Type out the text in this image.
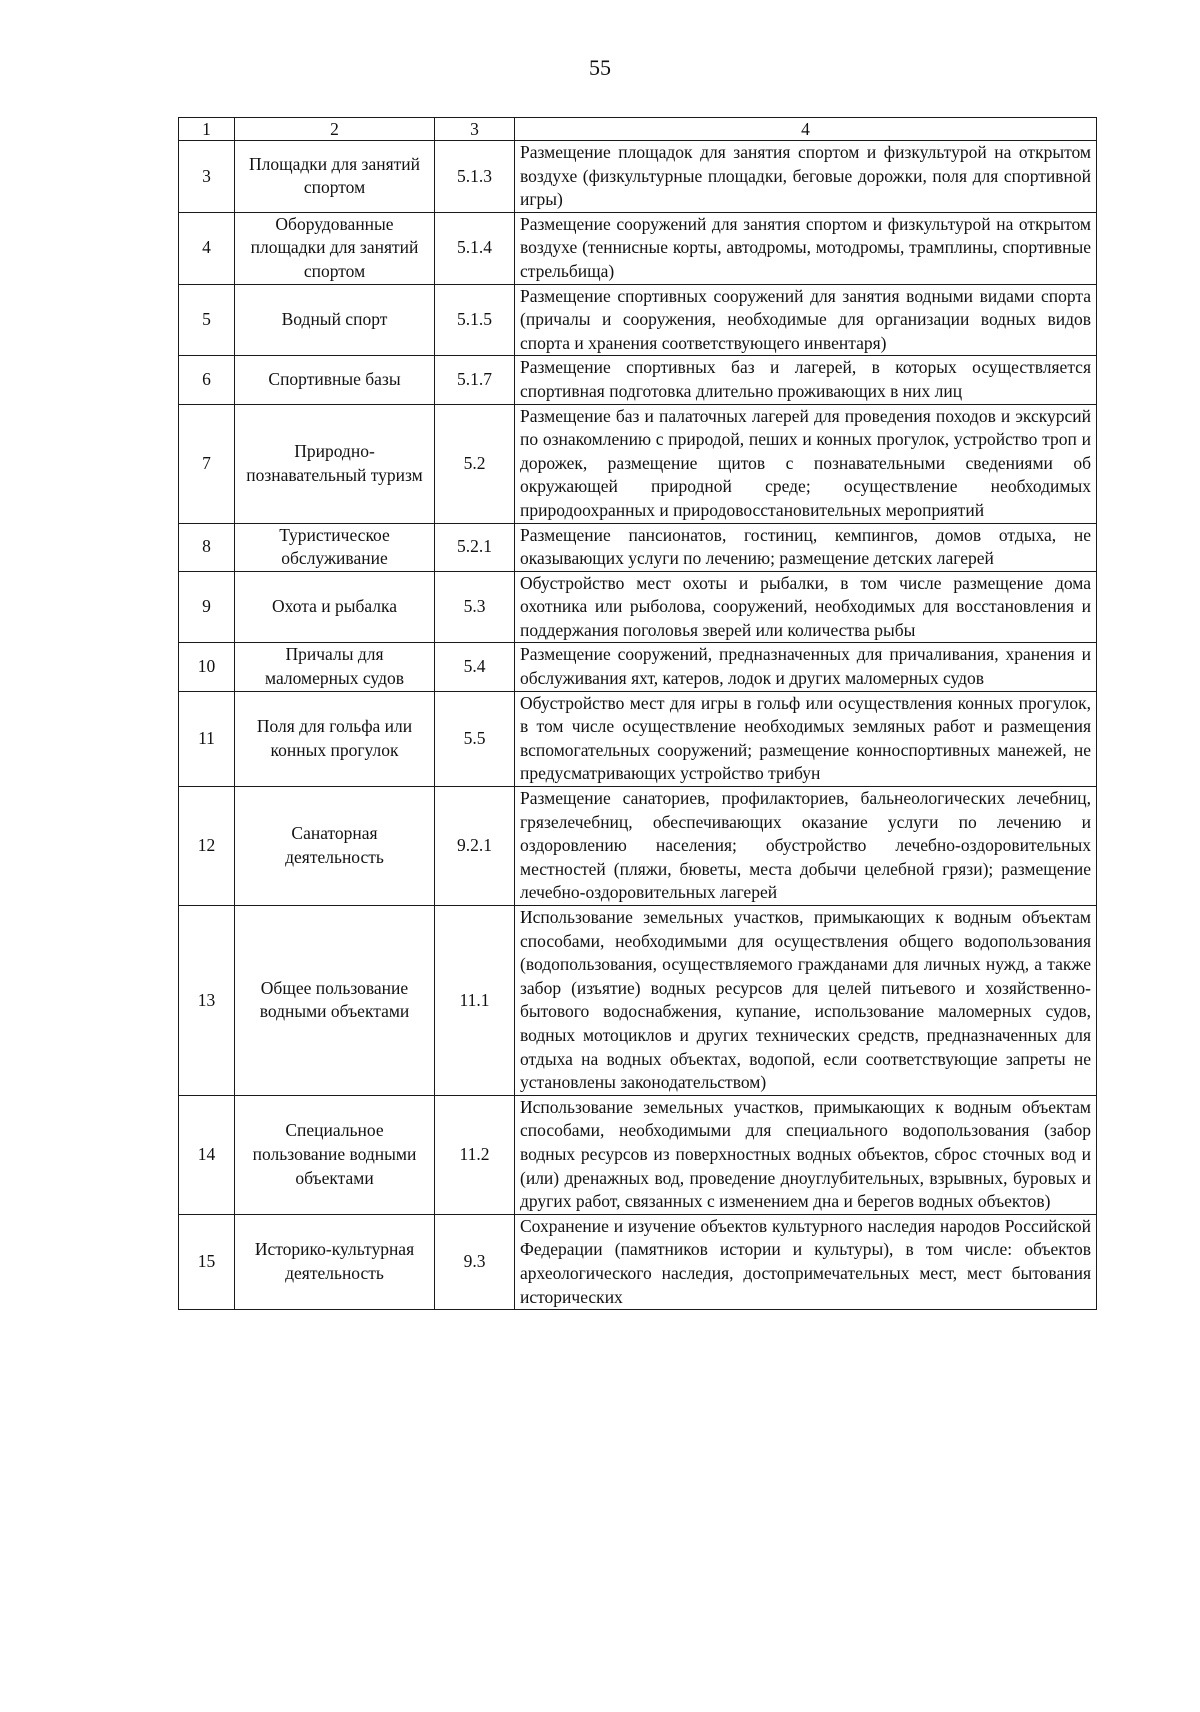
55
1	2	3	4
3	Площадки для занятий спортом	5.1.3	Размещение площадок для занятия спортом и физкультурой на открытом воздухе (физкультурные площадки, беговые дорожки, поля для спортивной игры)
4	Оборудованные площадки для занятий спортом	5.1.4	Размещение сооружений для занятия спортом и физкультурой на открытом воздухе (теннисные корты, автодромы, мотодромы, трамплины, спортивные стрельбища)
5	Водный спорт	5.1.5	Размещение спортивных сооружений для занятия водными видами спорта (причалы и сооружения, необходимые для организации водных видов спорта и хранения соответствующего инвентаря)
6	Спортивные базы	5.1.7	Размещение спортивных баз и лагерей, в которых осуществляется спортивная подготовка длительно проживающих в них лиц
7	Природно-познавательный туризм	5.2	Размещение баз и палаточных лагерей для проведения походов и экскурсий по ознакомлению с природой, пеших и конных прогулок, устройство троп и дорожек, размещение щитов с познавательными сведениями об окружающей природной среде; осуществление необходимых природоохранных и природовосстановительных мероприятий
8	Туристическое обслуживание	5.2.1	Размещение пансионатов, гостиниц, кемпингов, домов отдыха, не оказывающих услуги по лечению; размещение детских лагерей
9	Охота и рыбалка	5.3	Обустройство мест охоты и рыбалки, в том числе размещение дома охотника или рыболова, сооружений, необходимых для восстановления и поддержания поголовья зверей или количества рыбы
10	Причалы для маломерных судов	5.4	Размещение сооружений, предназначенных для причаливания, хранения и обслуживания яхт, катеров, лодок и других маломерных судов
11	Поля для гольфа или конных прогулок	5.5	Обустройство мест для игры в гольф или осуществления конных прогулок, в том числе осуществление необходимых земляных работ и размещения вспомогательных сооружений; размещение конноспортивных манежей, не предусматривающих устройство трибун
12	Санаторная деятельность	9.2.1	Размещение санаториев, профилакториев, бальнеологических лечебниц, грязелечебниц, обеспечивающих оказание услуги по лечению и оздоровлению населения; обустройство лечебно-оздоровительных местностей (пляжи, бюветы, места добычи целебной грязи); размещение лечебно-оздоровительных лагерей
13	Общее пользование водными объектами	11.1	Использование земельных участков, примыкающих к водным объектам способами, необходимыми для осуществления общего водопользования (водопользования, осуществляемого гражданами для личных нужд, а также забор (изъятие) водных ресурсов для целей питьевого и хозяйственно-бытового водоснабжения, купание, использование маломерных судов, водных мотоциклов и других технических средств, предназначенных для отдыха на водных объектах, водопой, если соответствующие запреты не установлены законодательством)
14	Специальное пользование водными объектами	11.2	Использование земельных участков, примыкающих к водным объектам способами, необходимыми для специального водопользования (забор водных ресурсов из поверхностных водных объектов, сброс сточных вод и (или) дренажных вод, проведение дноуглубительных, взрывных, буровых и других работ, связанных с изменением дна и берегов водных объектов)
15	Историко-культурная деятельность	9.3	Сохранение и изучение объектов культурного наследия народов Российской Федерации (памятников истории и культуры), в том числе: объектов археологического наследия, достопримечательных мест, мест бытования исторических
